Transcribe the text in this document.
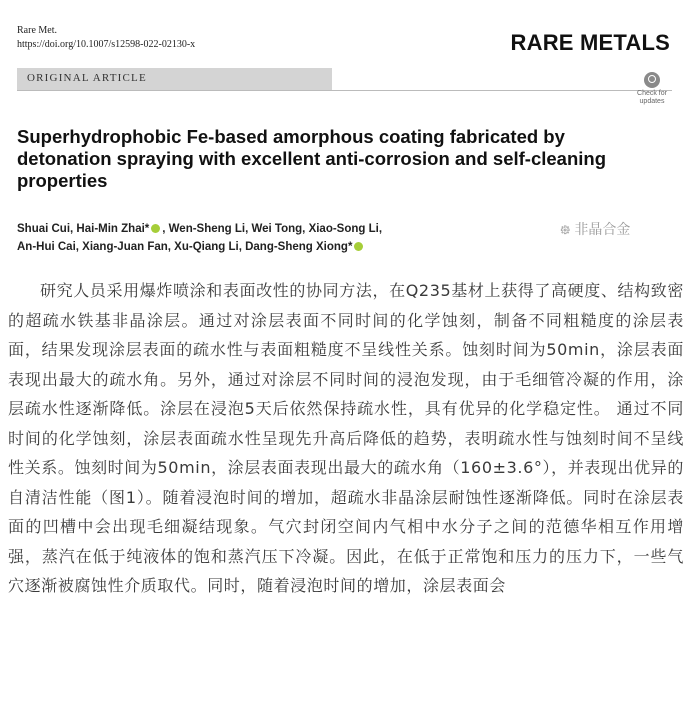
Rare Met.
https://doi.org/10.1007/s12598-022-02130-x	RARE METALS
ORIGINAL ARTICLE
Check for
updates
Superhydrophobic Fe-based amorphous coating fabricated by detonation spraying with excellent anti-corrosion and self-cleaning properties
Shuai Cui, Hai-Min Zhai* , Wen-Sheng Li, Wei Tong, Xiao-Song Li,
An-Hui Cai, Xiang-Juan Fan, Xu-Qiang Li, Dang-Sheng Xiong*
᪥ 非晶合金

研究人员采用爆炸喷涂和表面改性的协同方法，在Q235基材上获得了高硬度、结构致密的超疏水铁基非晶涂层。通过对涂层表面不同时间的化学蚀刻，制备不同粗糙度的涂层表面，结果发现涂层表面的疏水性与表面粗糙度不呈线性关系。蚀刻时间为50min，涂层表面表现出最大的疏水角。另外，通过对涂层不同时间的浸泡发现，由于毛细管冷凝的作用，涂层疏水性逐渐降低。涂层在浸泡5天后依然保持疏水性，具有优异的化学稳定性。 通过不同时间的化学蚀刻，涂层表面疏水性呈现先升高后降低的趋势，表明疏水性与蚀刻时间不呈线性关系。蚀刻时间为50min，涂层表面表现出最大的疏水角（160±3.6°），并表现出优异的自清洁性能（图1）。随着浸泡时间的增加，超疏水非晶涂层耐蚀性逐渐降低。同时在涂层表面的凹槽中会出现毛细凝结现象。气穴封闭空间内气相中水分子之间的范德华相互作用增强，蒸汽在低于纯液体的饱和蒸汽压下冷凝。因此，在低于正常饱和压力的压力下，一些气穴逐渐被腐蚀性介质取代。同时，随着浸泡时间的增加，涂层表面会
